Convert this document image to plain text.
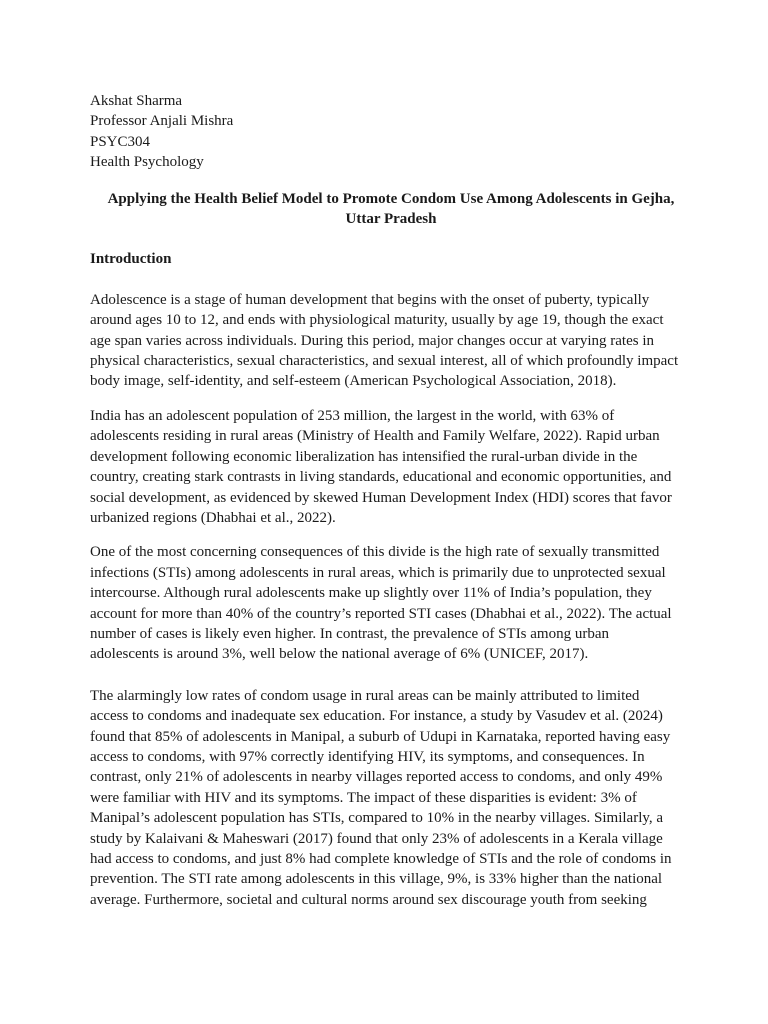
Akshat Sharma
Professor Anjali Mishra
PSYC304
Health Psychology
Applying the Health Belief Model to Promote Condom Use Among Adolescents in Gejha, Uttar Pradesh
Introduction

Adolescence is a stage of human development that begins with the onset of puberty, typically around ages 10 to 12, and ends with physiological maturity, usually by age 19, though the exact age span varies across individuals. During this period, major changes occur at varying rates in physical characteristics, sexual characteristics, and sexual interest, all of which profoundly impact body image, self-identity, and self-esteem (American Psychological Association, 2018).

India has an adolescent population of 253 million, the largest in the world, with 63% of adolescents residing in rural areas (Ministry of Health and Family Welfare, 2022). Rapid urban development following economic liberalization has intensified the rural-urban divide in the country, creating stark contrasts in living standards, educational and economic opportunities, and social development, as evidenced by skewed Human Development Index (HDI) scores that favor urbanized regions (Dhabhai et al., 2022).

One of the most concerning consequences of this divide is the high rate of sexually transmitted infections (STIs) among adolescents in rural areas, which is primarily due to unprotected sexual intercourse. Although rural adolescents make up slightly over 11% of India’s population, they account for more than 40% of the country’s reported STI cases (Dhabhai et al., 2022). The actual number of cases is likely even higher. In contrast, the prevalence of STIs among urban adolescents is around 3%, well below the national average of 6% (UNICEF, 2017).

The alarmingly low rates of condom usage in rural areas can be mainly attributed to limited access to condoms and inadequate sex education. For instance, a study by Vasudev et al. (2024) found that 85% of adolescents in Manipal, a suburb of Udupi in Karnataka, reported having easy access to condoms, with 97% correctly identifying HIV, its symptoms, and consequences. In contrast, only 21% of adolescents in nearby villages reported access to condoms, and only 49% were familiar with HIV and its symptoms. The impact of these disparities is evident: 3% of Manipal’s adolescent population has STIs, compared to 10% in the nearby villages. Similarly, a study by Kalaivani & Maheswari (2017) found that only 23% of adolescents in a Kerala village had access to condoms, and just 8% had complete knowledge of STIs and the role of condoms in prevention. The STI rate among adolescents in this village, 9%, is 33% higher than the national average. Furthermore, societal and cultural norms around sex discourage youth from seeking
